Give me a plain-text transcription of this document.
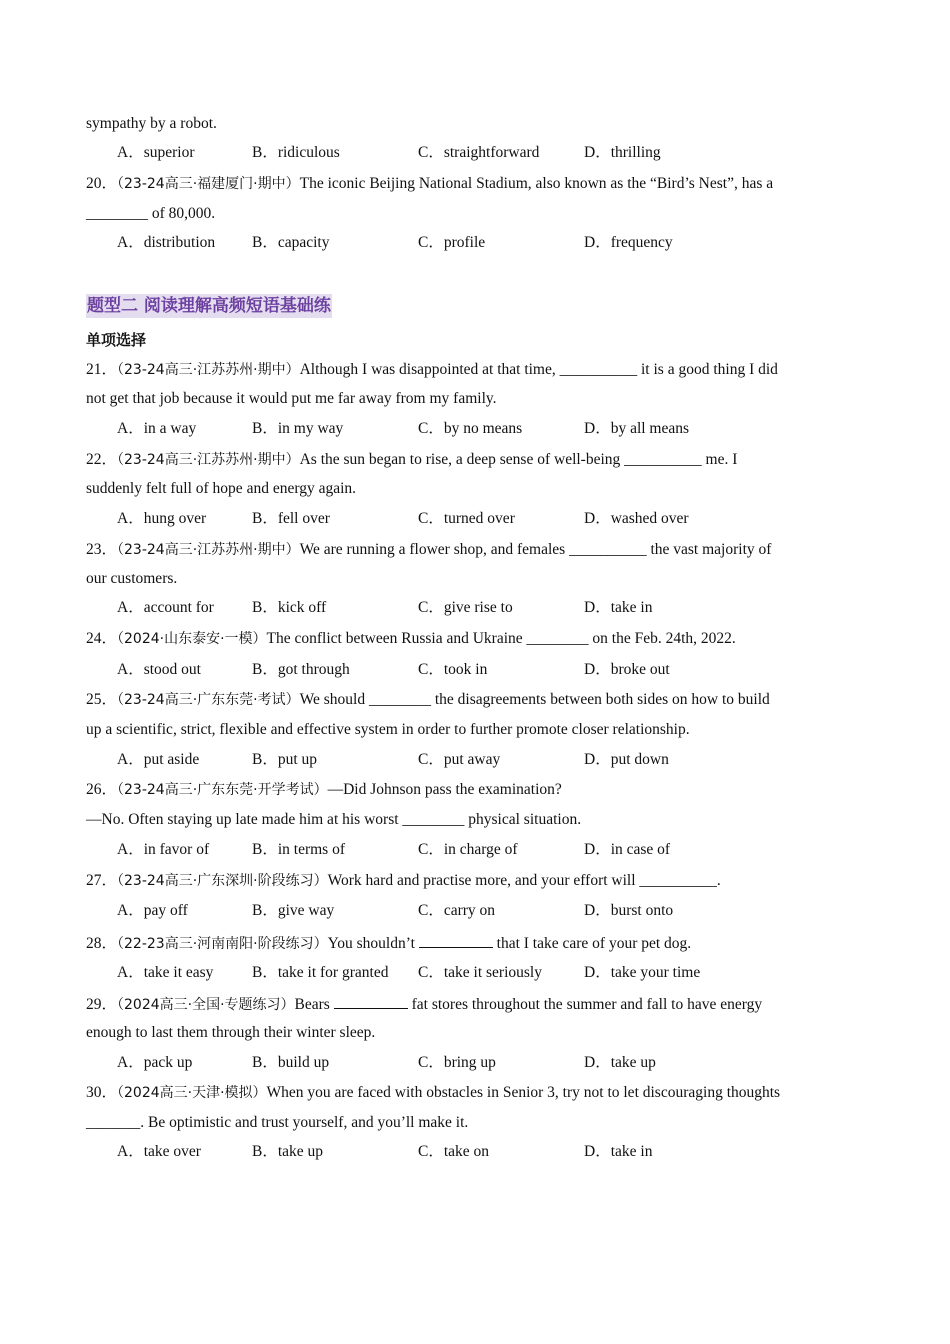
sympathy by a robot.
A．superior	B．ridiculous	C．straightforward	D．thrilling
20．（23-24高三·福建厦门·期中）The iconic Beijing National Stadium, also known as the “Bird’s Nest”, has a
________ of 80,000.
A．distribution B．capacity	C．profile	D．frequency
题型二 阅读理解高频短语基础练
单项选择
21．（23-24高三·江苏苏州·期中）Although I was disappointed at that time, __________ it is a good thing I did
not get that job because it would put me far away from my family.
A．in a way	B．in my way	C．by no means	D．by all means
22．（23-24高三·江苏苏州·期中）As the sun began to rise, a deep sense of well-being __________ me. I
suddenly felt full of hope and energy again.
A．hung over	B．fell over	C．turned over	D．washed over
23．（23-24高三·江苏苏州·期中）We are running a flower shop, and females __________ the vast majority of
our customers.
A．account for B．kick off	C．give rise to	D．take in
24．（2024·山东泰安·一模）The conflict between Russia and Ukraine ________ on the Feb. 24th, 2022.
A．stood out	B．got through	C．took in	D．broke out
25．（23-24高三·广东东莞·考试）We should ________ the disagreements between both sides on how to build
up a scientific, strict, flexible and effective system in order to further promote closer relationship.
A．put aside	B．put up	C．put away	D．put down
26．（23-24高三·广东东莞·开学考试）—Did Johnson pass the examination?
—No. Often staying up late made him at his worst ________ physical situation.
A．in favor of	B．in terms of	C．in charge of	D．in case of
27．（23-24高三·广东深圳·阶段练习）Work hard and practise more, and your effort will __________.
A．pay off	B．give way	C．carry on	D．burst onto
28．（22-23高三·河南南阳·阶段练习）You shouldn’t	that I take care of your pet dog.
A．take it easy B．take it for granted C．take it seriously	D．take your time
29．（2024高三·全国·专题练习）Bears	fat stores throughout the summer and fall to have energy
enough to last them through their winter sleep.
A．pack up	B．build up	C．bring up	D．take up
30．（2024高三·天津·模拟）When you are faced with obstacles in Senior 3, try not to let discouraging thoughts
_______. Be optimistic and trust yourself, and you’ll make it.
A．take over	B．take up	C．take on	D．take in
